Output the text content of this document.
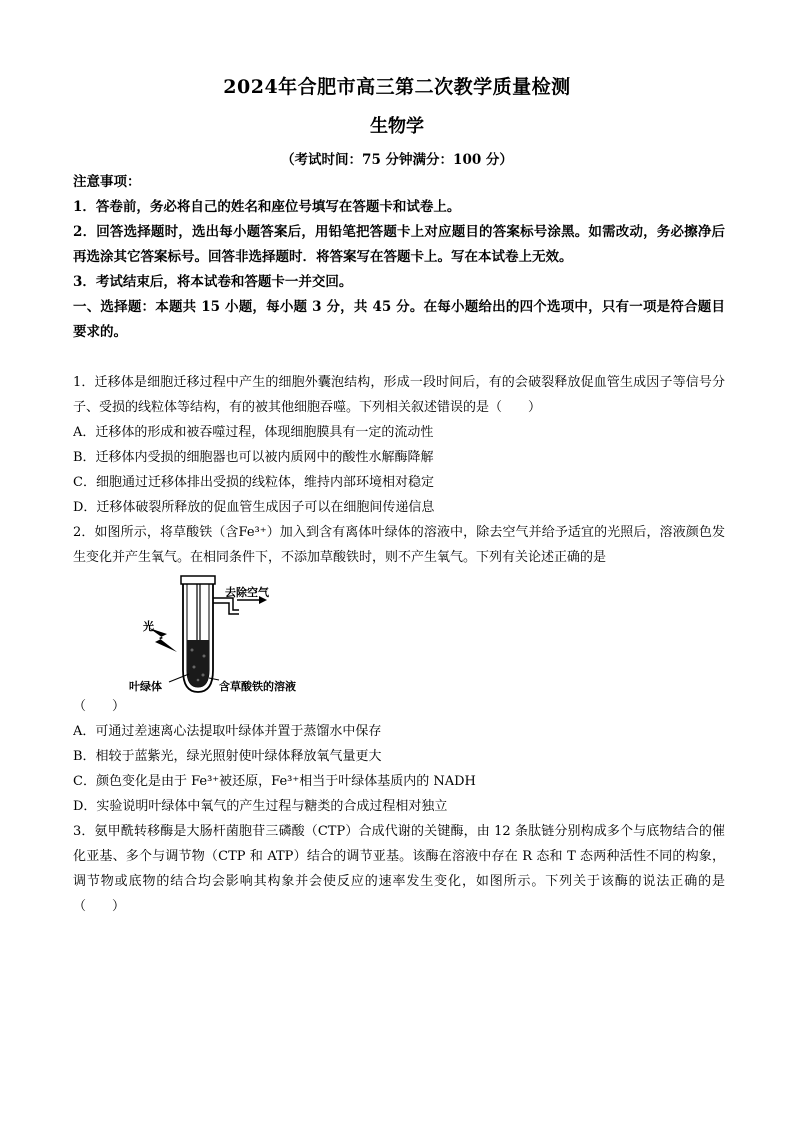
2024年合肥市高三第二次教学质量检测
生物学
（考试时间：75 分钟满分：100 分）
注意事项：
1．答卷前，务必将自己的姓名和座位号填写在答题卡和试卷上。
2．回答选择题时，选出每小题答案后，用铅笔把答题卡上对应题目的答案标号涂黑。如需改动，务必擦净后再选涂其它答案标号。回答非选择题时．将答案写在答题卡上。写在本试卷上无效。
3．考试结束后，将本试卷和答题卡一并交回。
一、选择题：本题共 15 小题，每小题 3 分，共 45 分。在每小题给出的四个选项中，只有一项是符合题目要求的。
1．迁移体是细胞迁移过程中产生的细胞外囊泡结构，形成一段时间后，有的会破裂释放促血管生成因子等信号分子、受损的线粒体等结构，有的被其他细胞吞噬。下列相关叙述错误的是（　　）
A．迁移体的形成和被吞噬过程，体现细胞膜具有一定的流动性
B．迁移体内受损的细胞器也可以被内质网中的酸性水解酶降解
C．细胞通过迁移体排出受损的线粒体，维持内部环境相对稳定
D．迁移体破裂所释放的促血管生成因子可以在细胞间传递信息
2．如图所示，将草酸铁（含Fe³⁺）加入到含有离体叶绿体的溶液中，除去空气并给予适宜的光照后，溶液颜色发生变化并产生氧气。在相同条件下，不添加草酸铁时，则不产生氧气。下列有关论述正确的是
去除空气
光
叶绿体	含草酸铁的溶液
（　　）
A．可通过差速离心法提取叶绿体并置于蒸馏水中保存
B．相较于蓝紫光，绿光照射使叶绿体释放氧气量更大
C．颜色变化是由于 Fe³⁺被还原，Fe³⁺相当于叶绿体基质内的 NADH
D．实验说明叶绿体中氧气的产生过程与糖类的合成过程相对独立
3．氨甲酰转移酶是大肠杆菌胞苷三磷酸（CTP）合成代谢的关键酶，由 12 条肽链分别构成多个与底物结合的催化亚基、多个与调节物（CTP 和 ATP）结合的调节亚基。该酶在溶液中存在 R 态和 T 态两种活性不同的构象，调节物或底物的结合均会影响其构象并会使反应的速率发生变化，如图所示。下列关于该酶的说法正确的是（　　）
